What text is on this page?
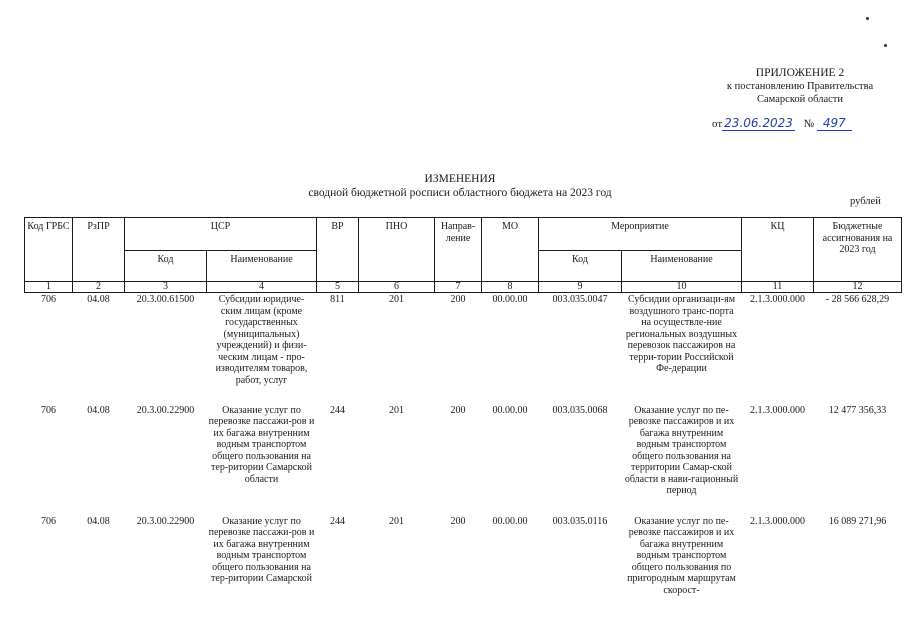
ПРИЛОЖЕНИЕ 2
к постановлению Правительства
Самарской области
от 23.06.2023 № 497
ИЗМЕНЕНИЯ
сводной бюджетной росписи областного бюджета на 2023 год
рублей
Код ГРБС	РзПР	ЦСР		ВР	ПНО	Направ-ление	МО	Мероприятие		КЦ	Бюджетные ассигнования на 2023 год
		Код	Наименование					Код	Наименование		
1	2	3	4	5	6	7	8	9	10	11	12
706	04.08	20.3.00.61500	Субсидии юридиче-ским лицам (кроме государственных (муниципальных) учреждений) и физи-ческим лицам - про-изводителям товаров, работ, услуг	811	201	200	00.00.00	003.035.0047	Субсидии организаци-ям воздушного транс-порта на осуществле-ние региональных воздушных перевозок пассажиров на терри-тории Российской Фе-дерации	2.1.3.000.000	- 28 566 628,29
706	04.08	20.3.00.22900	Оказание услуг по перевозке пассажи-ров и их багажа внутренним водным транспортом общего пользования на тер-ритории Самарской области	244	201	200	00.00.00	003.035.0068	Оказание услуг по пе-ревозке пассажиров и их багажа внутренним водным транспортом общего пользования на территории Самар-ской области в нави-гационный период	2.1.3.000.000	12 477 356,33
706	04.08	20.3.00.22900	Оказание услуг по перевозке пассажи-ров и их багажа внутренним водным транспортом общего пользования на тер-ритории Самарской	244	201	200	00.00.00	003.035.0116	Оказание услуг по пе-ревозке пассажиров и их багажа внутренним водным транспортом общего пользования по пригородным маршрутам скорост-	2.1.3.000.000	16 089 271,96
